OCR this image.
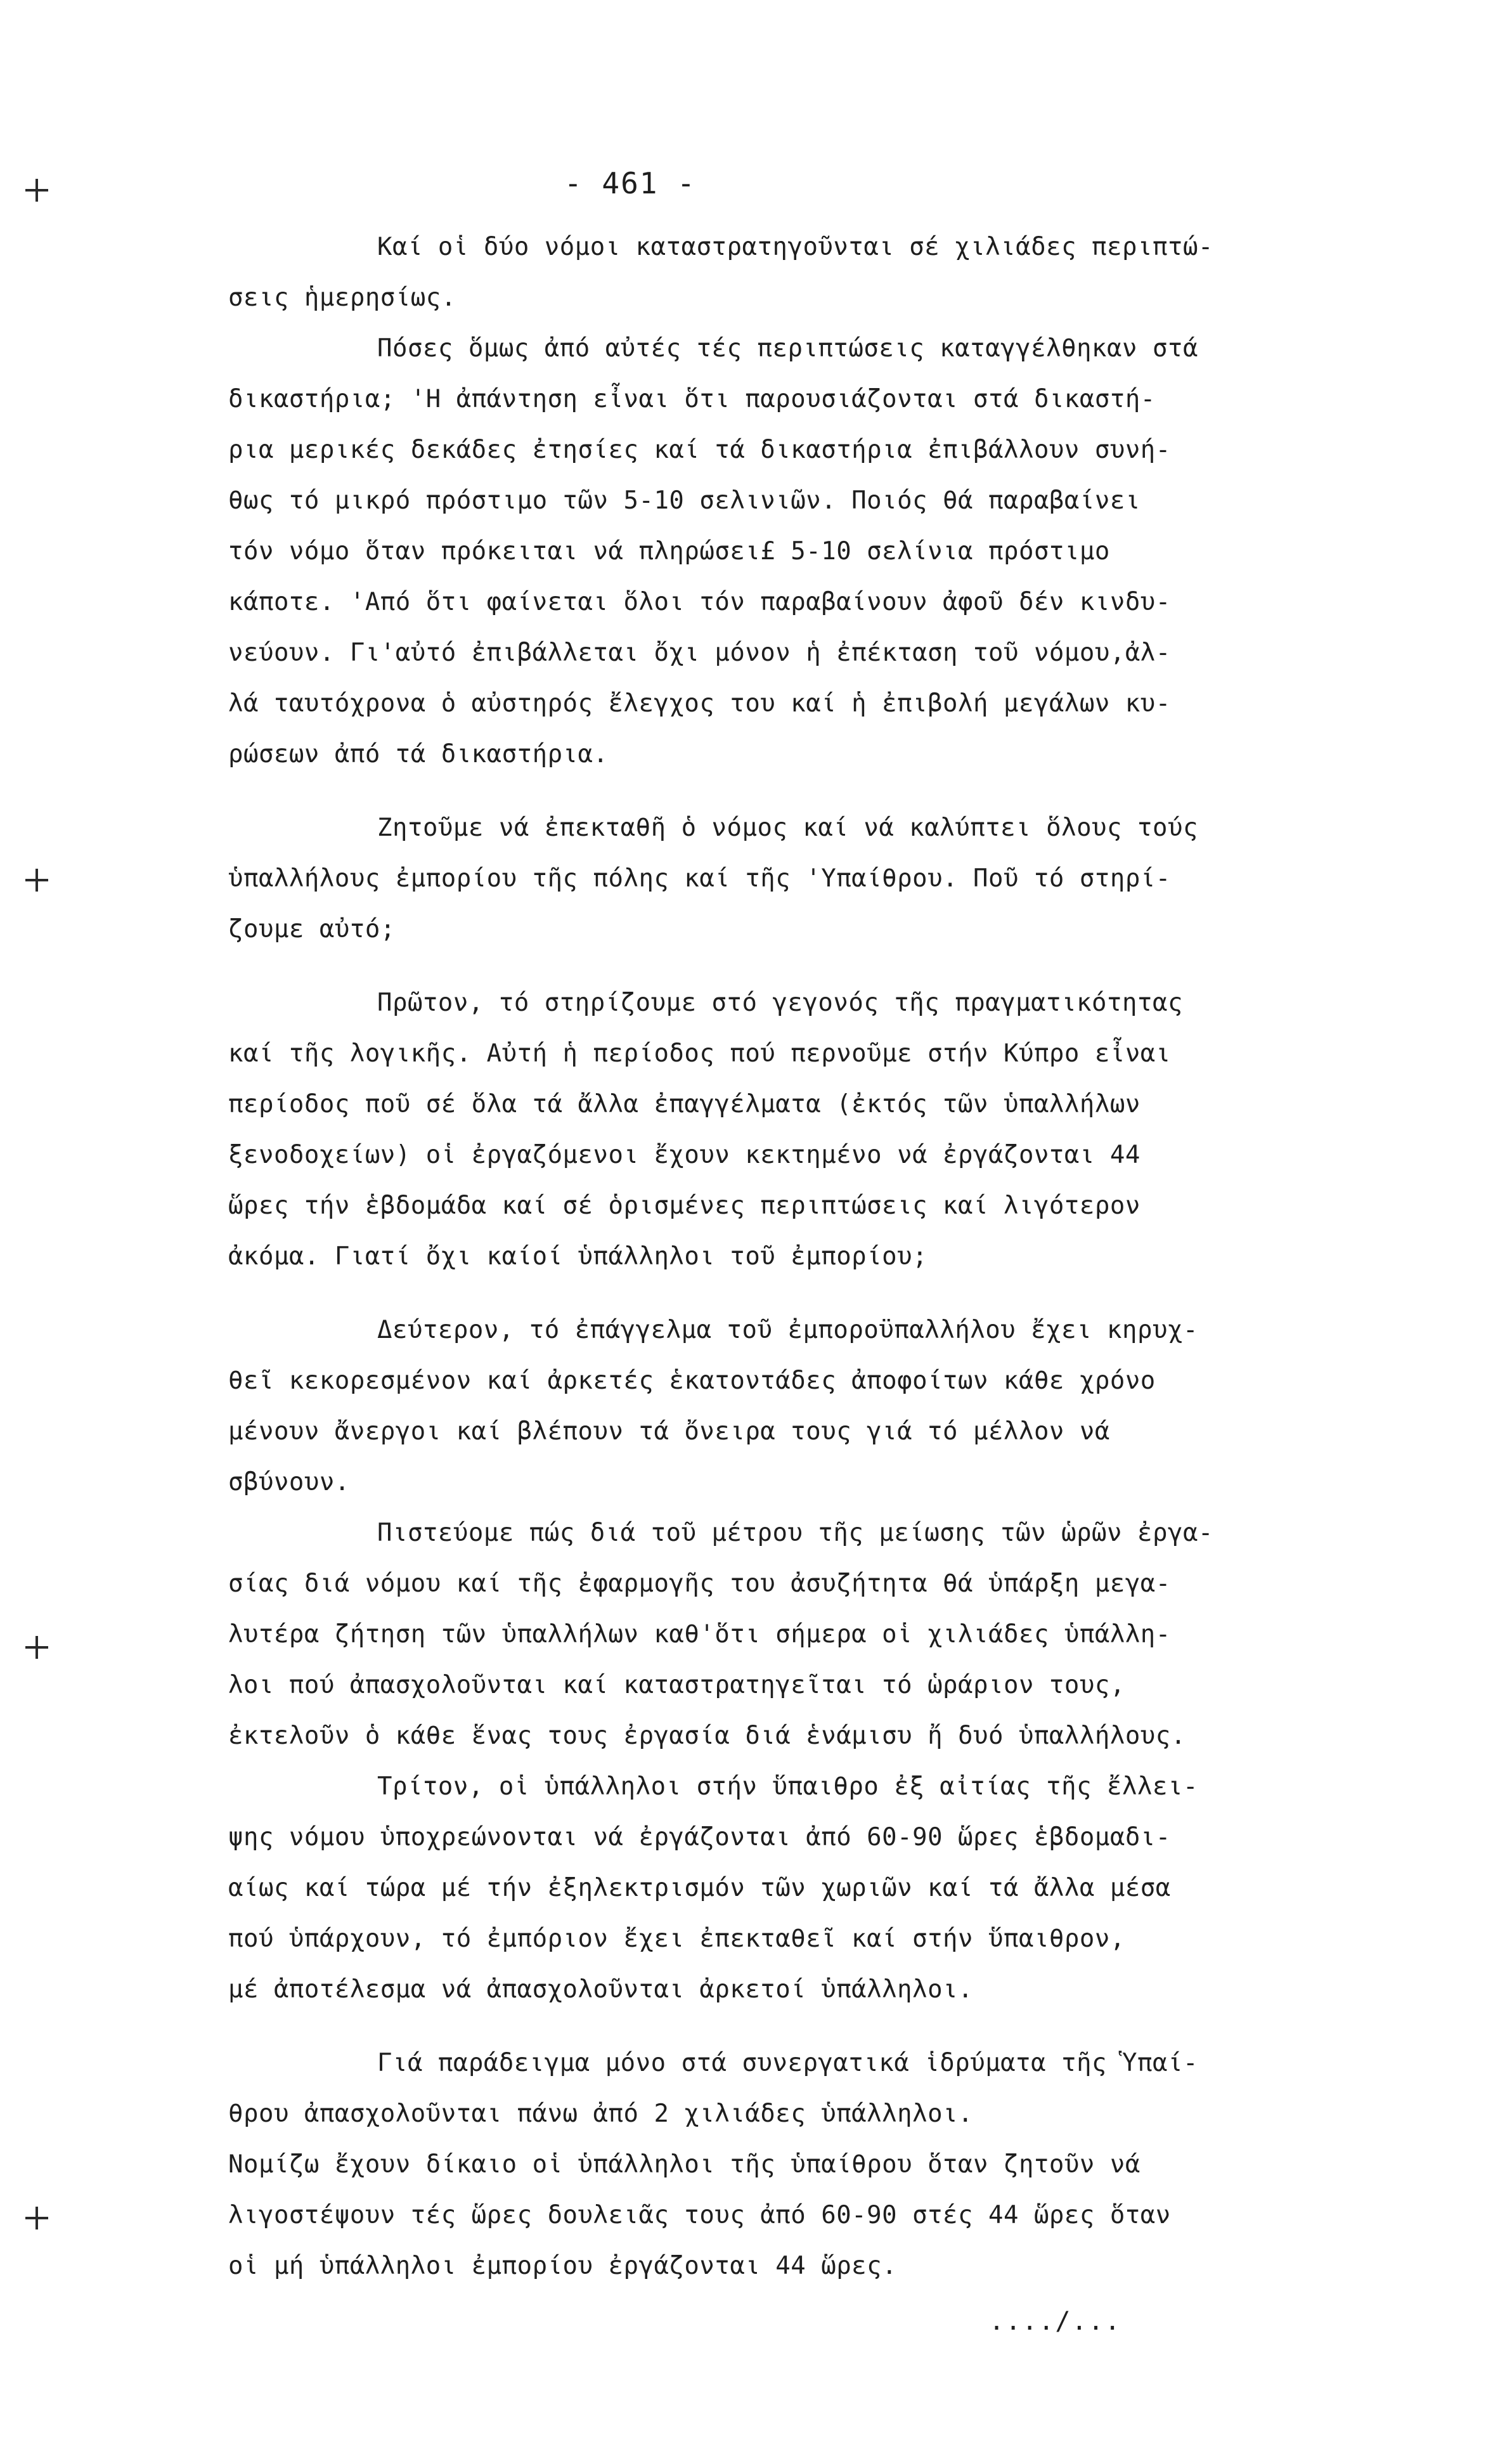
- 461 -
Καί οἱ δύο νόμοι καταστρατηγοῦνται σέ χιλιάδες περιπτώ-
σεις ἡμερησίως.
Πόσες ὅμως ἀπό αὐτές τές περιπτώσεις καταγγέλθηκαν στά
δικαστήρια; 'Η ἀπάντηση εἶναι ὅτι παρουσιάζονται στά δικαστή-
ρια μερικές δεκάδες ἐτησίες καί τά δικαστήρια ἐπιβάλλουν συνή-
θως τό μικρό πρόστιμο τῶν 5-10 σελινιῶν. Ποιός θά παραβαίνει
τόν νόμο ὅταν πρόκειται νά πληρώσει£ 5-10 σελίνια πρόστιμο
κάποτε. 'Από ὅτι φαίνεται ὅλοι τόν παραβαίνουν ἀφοῦ δέν κινδυ-
νεύουν. Γι'αὐτό ἐπιβάλλεται ὄχι μόνον ἡ ἐπέκταση τοῦ νόμου,ἀλ-
λά ταυτόχρονα ὁ αὐστηρός ἔλεγχος του καί ἡ ἐπιβολή μεγάλων κυ-
ρώσεων ἀπό τά δικαστήρια.
Ζητοῦμε νά ἐπεκταθῆ ὁ νόμος καί νά καλύπτει ὅλους τούς
ὑπαλλήλους ἐμπορίου τῆς πόλης καί τῆς 'Υπαίθρου. Ποῦ τό στηρί-
ζουμε αὐτό;
Πρῶτον, τό στηρίζουμε στό γεγονός τῆς πραγματικότητας
καί τῆς λογικῆς. Αὐτή ἡ περίοδος πού περνοῦμε στήν Κύπρο εἶναι
περίοδος ποῦ σέ ὅλα τά ἄλλα ἐπαγγέλματα (ἐκτός τῶν ὑπαλλήλων
ξενοδοχείων) οἱ ἐργαζόμενοι ἔχουν κεκτημένο νά ἐργάζονται 44
ὥρες τήν ἑβδομάδα καί σέ ὁρισμένες περιπτώσεις καί λιγότερον
ἀκόμα. Γιατί ὄχι καίοί ὑπάλληλοι τοῦ ἐμπορίου;
Δεύτερον, τό ἐπάγγελμα τοῦ ἐμποροϋπαλλήλου ἔχει κηρυχ-
θεῖ κεκορεσμένον καί ἀρκετές ἑκατοντάδες ἀποφοίτων κάθε χρόνο
μένουν ἄνεργοι καί βλέπουν τά ὄνειρα τους γιά τό μέλλον νά
σβύνουν.
Πιστεύομε πώς διά τοῦ μέτρου τῆς μείωσης τῶν ὡρῶν ἐργα-
σίας διά νόμου καί τῆς ἐφαρμογῆς του ἀσυζήτητα θά ὑπάρξη μεγα-
λυτέρα ζήτηση τῶν ὑπαλλήλων καθ'ὅτι σήμερα οἱ χιλιάδες ὑπάλλη-
λοι πού ἀπασχολοῦνται καί καταστρατηγεῖται τό ὡράριον τους,
ἐκτελοῦν ὁ κάθε ἕνας τους ἐργασία διά ἑνάμισυ ἤ δυό ὑπαλλήλους.
Τρίτον, οἱ ὑπάλληλοι στήν ὕπαιθρο ἐξ αἰτίας τῆς ἔλλει-
ψης νόμου ὑποχρεώνονται νά ἐργάζονται ἀπό 60-90 ὥρες ἑβδομαδι-
αίως καί τώρα μέ τήν ἐξηλεκτρισμόν τῶν χωριῶν καί τά ἄλλα μέσα
πού ὑπάρχουν, τό ἐμπόριον ἔχει ἐπεκταθεῖ καί στήν ὕπαιθρον,
μέ ἀποτέλεσμα νά ἀπασχολοῦνται ἀρκετοί ὑπάλληλοι.
Γιά παράδειγμα μόνο στά συνεργατικά ἱδρύματα τῆς Ὑπαί-
θρου ἀπασχολοῦνται πάνω ἀπό 2 χιλιάδες ὑπάλληλοι.
Νομίζω ἔχουν δίκαιο οἱ ὑπάλληλοι τῆς ὑπαίθρου ὅταν ζητοῦν νά
λιγοστέψουν τές ὥρες δουλειᾶς τους ἀπό 60-90 στές 44 ὥρες ὅταν
οἱ μή ὑπάλληλοι ἐμπορίου ἐργάζονται 44 ὥρες.
..../...
